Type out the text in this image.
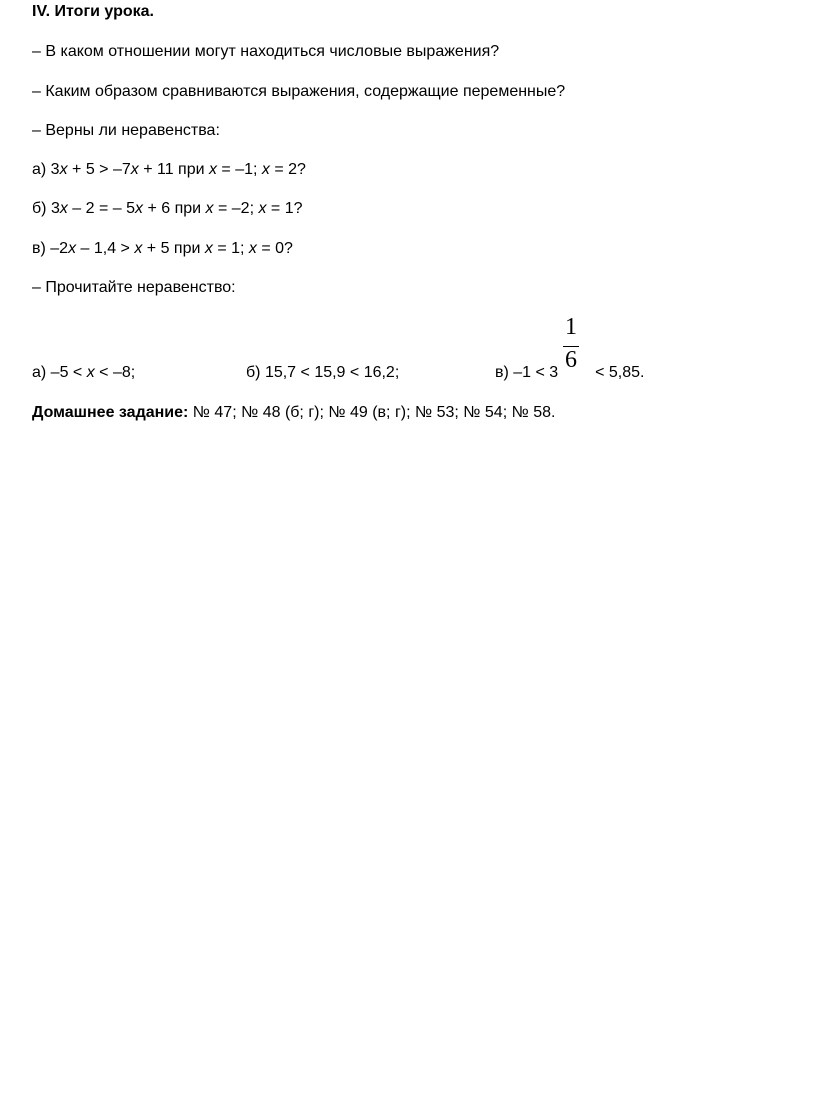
IV. Итоги урока.
– В каком отношении могут находиться числовые выражения?
– Каким образом сравниваются выражения, содержащие переменные?
– Верны ли неравенства:
а) 3x + 5 > –7x + 11 при x = –1; x = 2?
б) 3x – 2 = – 5x + 6 при x = –2; x = 1?
в) –2x – 1,4 > x + 5 при x = 1; x = 0?
– Прочитайте неравенство:
а) –5 < x < –8;	б) 15,7 < 15,9 < 16,2;	в) –1 < 3  < 5,85.
1
6
Домашнее задание: № 47; № 48 (б; г); № 49 (в; г); № 53; № 54; № 58.
